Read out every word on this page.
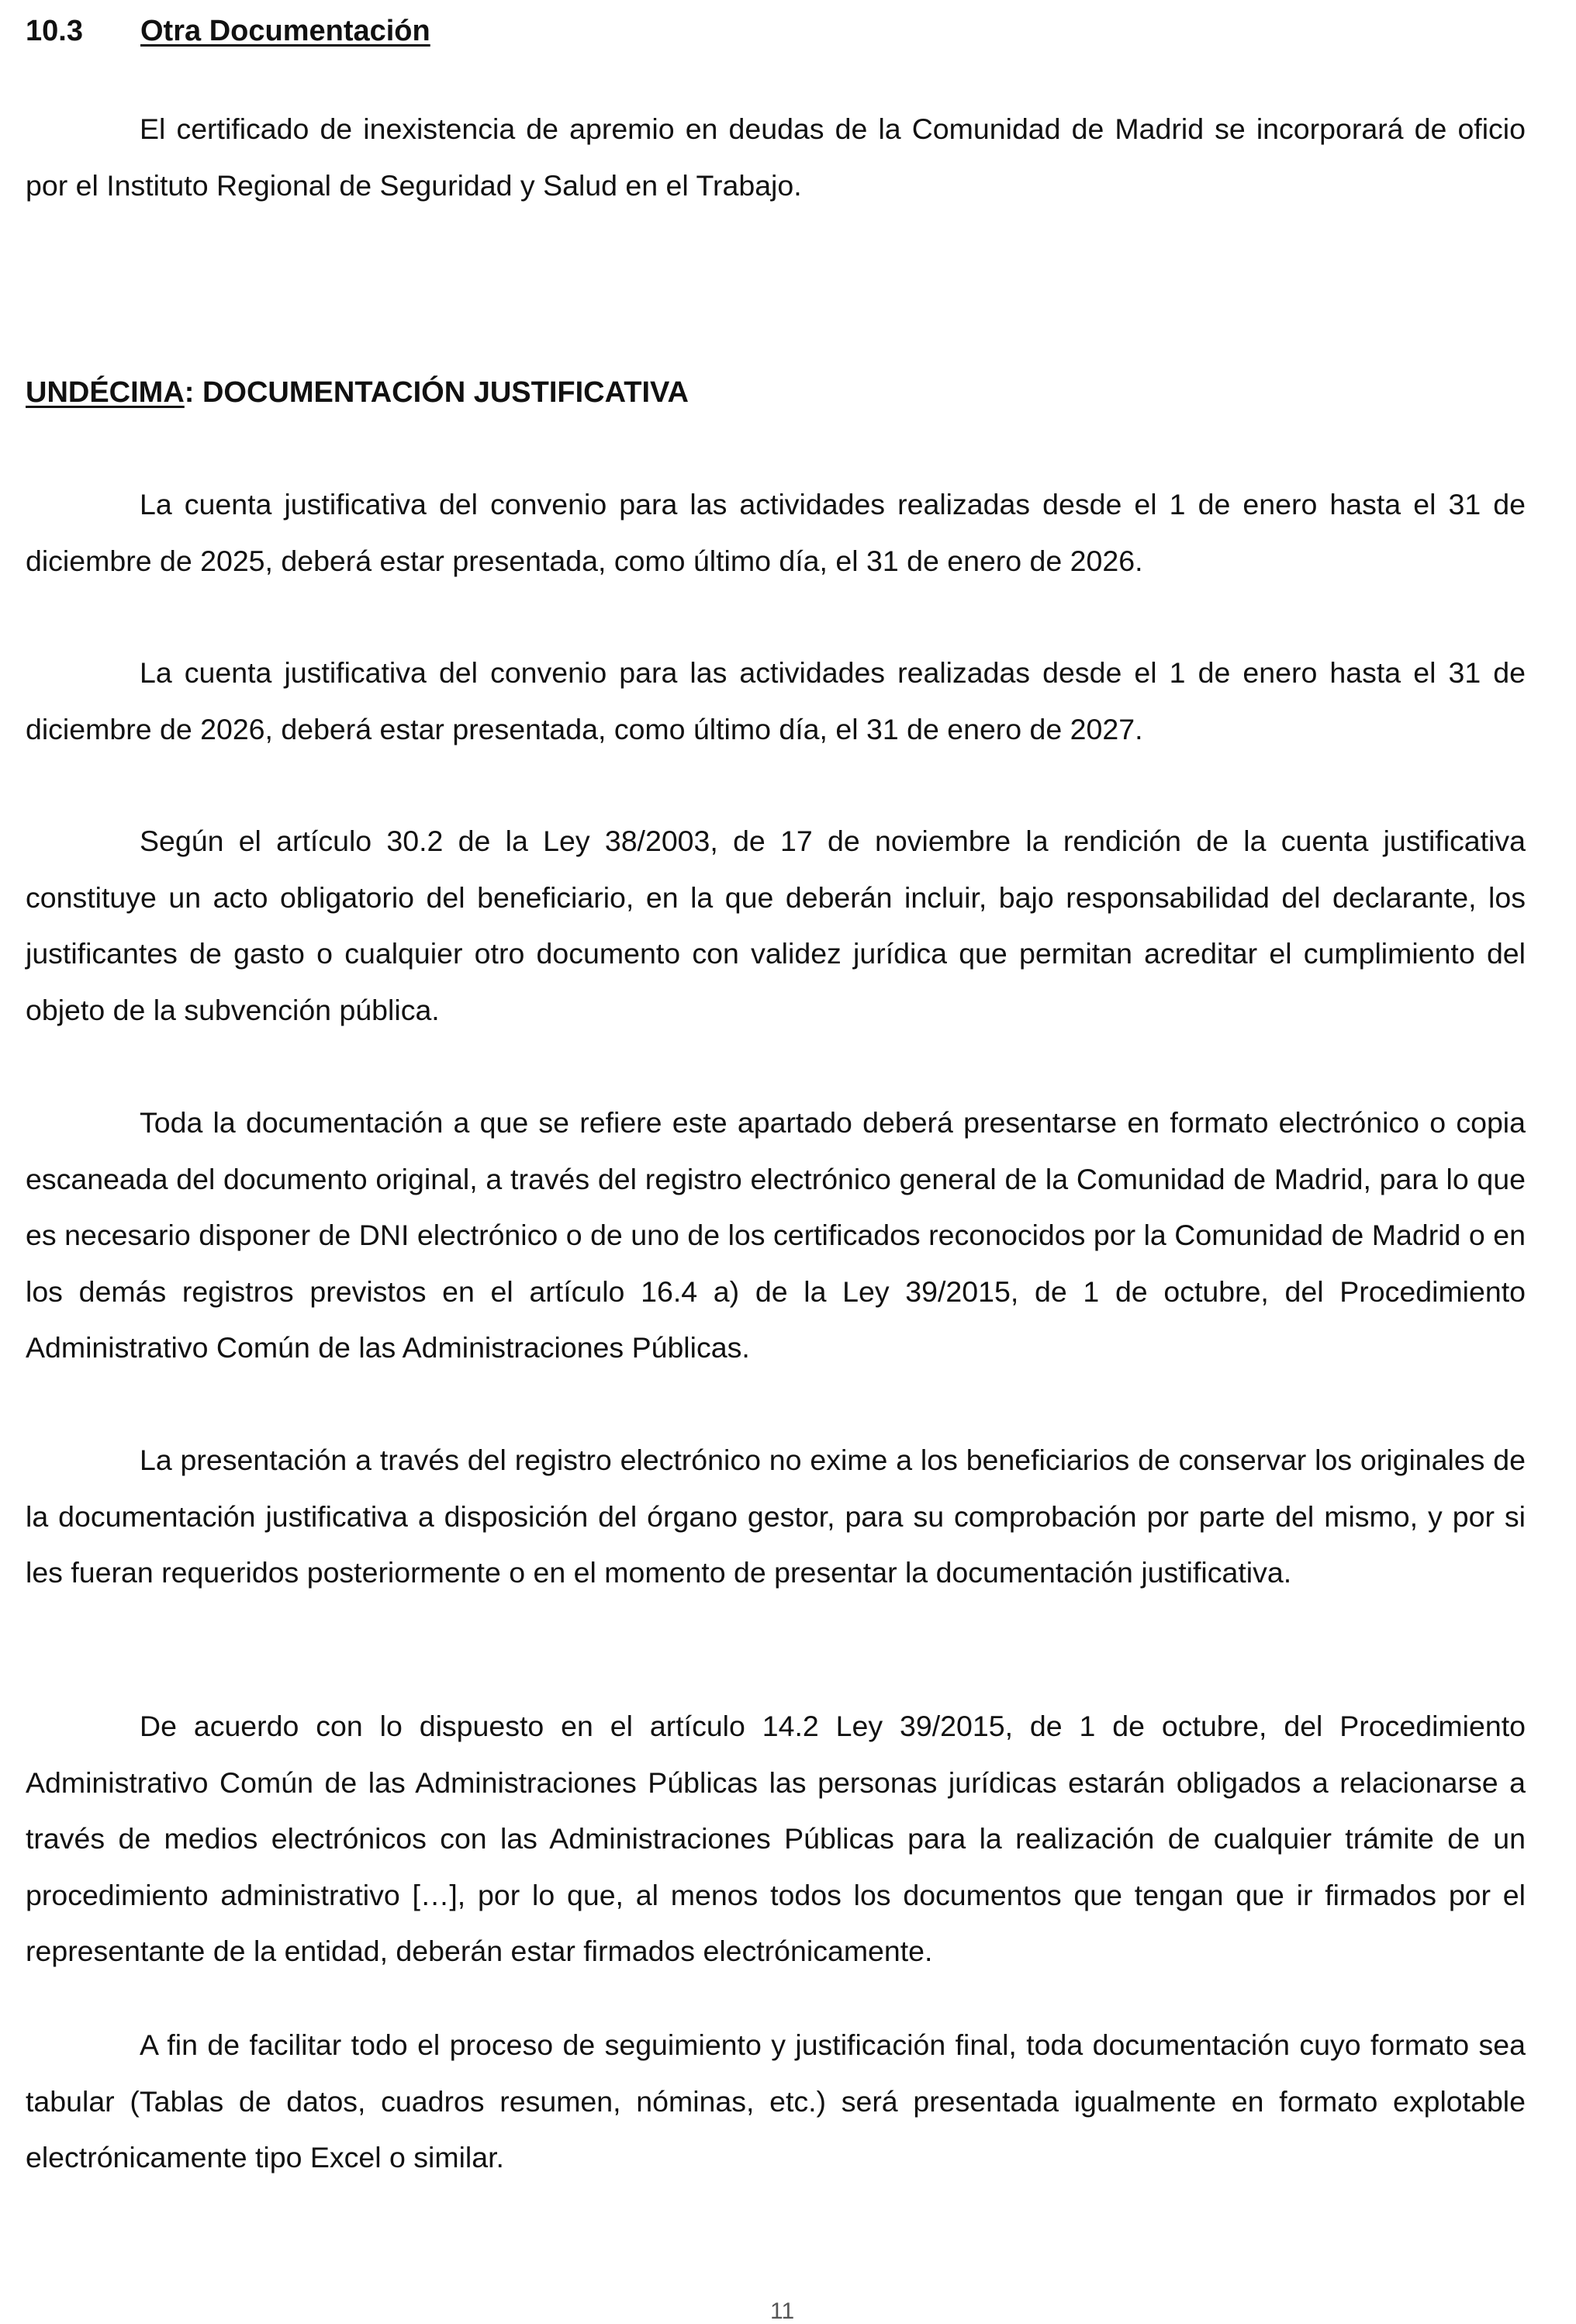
10.3 Otra Documentación

El certificado de inexistencia de apremio en deudas de la Comunidad de Madrid se incorporará de oficio por el Instituto Regional de Seguridad y Salud en el Trabajo.

UNDÉCIMA: DOCUMENTACIÓN JUSTIFICATIVA

La cuenta justificativa del convenio para las actividades realizadas desde el 1 de enero hasta el 31 de diciembre de 2025, deberá estar presentada, como último día, el 31 de enero de 2026.

La cuenta justificativa del convenio para las actividades realizadas desde el 1 de enero hasta el 31 de diciembre de 2026, deberá estar presentada, como último día, el 31 de enero de 2027.

Según el artículo 30.2 de la Ley 38/2003, de 17 de noviembre la rendición de la cuenta justificativa constituye un acto obligatorio del beneficiario, en la que deberán incluir, bajo responsabilidad del declarante, los justificantes de gasto o cualquier otro documento con validez jurídica que permitan acreditar el cumplimiento del objeto de la subvención pública.

Toda la documentación a que se refiere este apartado deberá presentarse en formato electrónico o copia escaneada del documento original, a través del registro electrónico general de la Comunidad de Madrid, para lo que es necesario disponer de DNI electrónico o de uno de los certificados reconocidos por la Comunidad de Madrid o en los demás registros previstos en el artículo 16.4 a) de la Ley 39/2015, de 1 de octubre, del Procedimiento Administrativo Común de las Administraciones Públicas.

La presentación a través del registro electrónico no exime a los beneficiarios de conservar los originales de la documentación justificativa a disposición del órgano gestor, para su comprobación por parte del mismo, y por si les fueran requeridos posteriormente o en el momento de presentar la documentación justificativa.

De acuerdo con lo dispuesto en el artículo 14.2 Ley 39/2015, de 1 de octubre, del Procedimiento Administrativo Común de las Administraciones Públicas las personas jurídicas estarán obligados a relacionarse a través de medios electrónicos con las Administraciones Públicas para la realización de cualquier trámite de un procedimiento administrativo […], por lo que, al menos todos los documentos que tengan que ir firmados por el representante de la entidad, deberán estar firmados electrónicamente.

A fin de facilitar todo el proceso de seguimiento y justificación final, toda documentación cuyo formato sea tabular (Tablas de datos, cuadros resumen, nóminas, etc.) será presentada igualmente en formato explotable electrónicamente tipo Excel o similar.

11
